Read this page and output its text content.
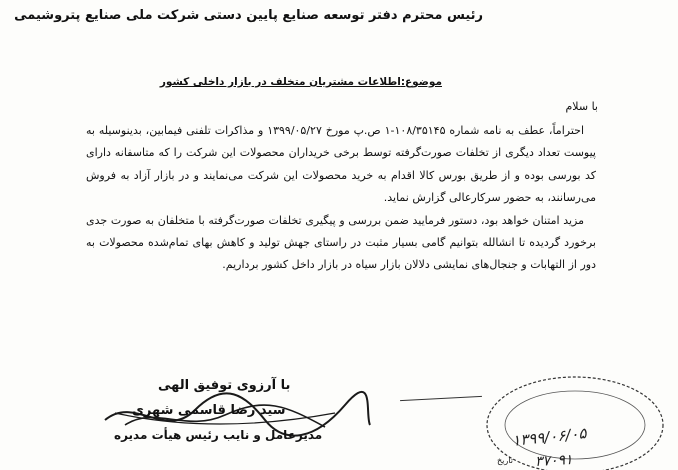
رئیس محترم دفتر توسعه صنایع پایین دستی شرکت ملی صنایع پتروشیمی
موضوع:اطلاعات مشتریان متخلف در بازار داخلی کشور
با سلام

احتراماً، عطف به نامه شماره ۱۰۸/۳۵۱۴۵-۱ ص.پ مورخ ۱۳۹۹/۰۵/۲۷ و مذاکرات تلفنی فیمابین، بدینوسیله به پیوست تعداد دیگری از تخلفات صورت‌گرفته توسط برخی خریداران محصولات این شرکت را که متاسفانه دارای کد بورسی بوده و از طریق بورس کالا اقدام به خرید محصولات این شرکت می‌نمایند و در بازار آزاد به فروش می‌رسانند، به حضور سرکارعالی گزارش نماید.

مزید امتنان خواهد بود، دستور فرمایید ضمن بررسی و پیگیری تخلفات صورت‌گرفته با متخلفان به صورت جدی برخورد گردیده تا انشالله بتوانیم گامی بسیار مثبت در راستای جهش تولید و کاهش بهای تمام‌شده محصولات به دور از التهابات و جنجال‌های نمایشی دلالان بازار سیاه در بازار داخل کشور برداریم.

با آرزوی توفیق الهی
سید رضا قاسمی شهری
مدیرعامل و نایب رئیس هیأت مدیره
تاریخ
۱۳۹۹/۰۶/۰۵
۳۷۰۹۱
